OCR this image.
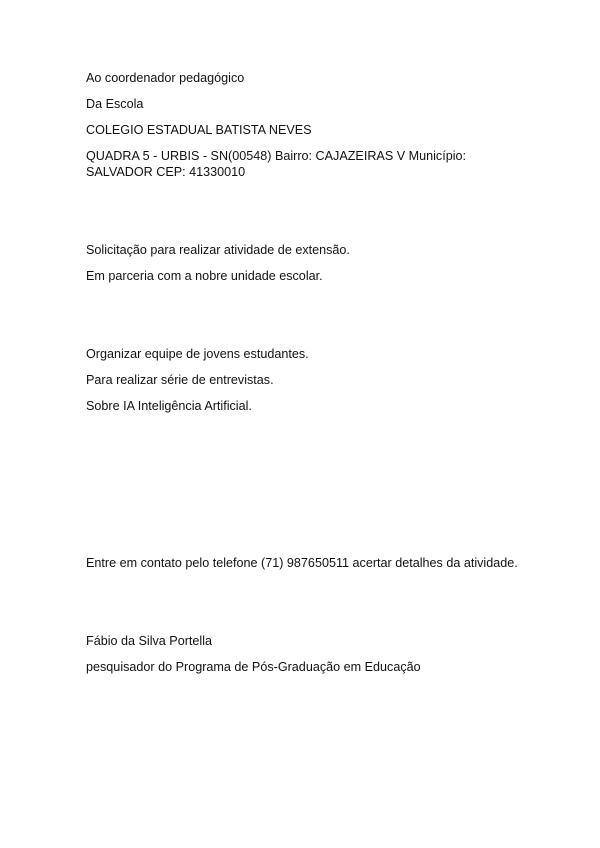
Ao coordenador pedagógico
Da Escola
COLEGIO ESTADUAL BATISTA NEVES
QUADRA 5 - URBIS - SN(00548) Bairro: CAJAZEIRAS V Município:
SALVADOR CEP: 41330010
Solicitação para realizar atividade de extensão.
Em parceria com a nobre unidade escolar.
Organizar equipe de jovens estudantes.
Para realizar série de entrevistas.
Sobre IA Inteligência Artificial.
Entre em contato pelo telefone (71) 987650511 acertar detalhes da atividade.
Fábio da Silva Portella
pesquisador do Programa de Pós-Graduação em Educação
